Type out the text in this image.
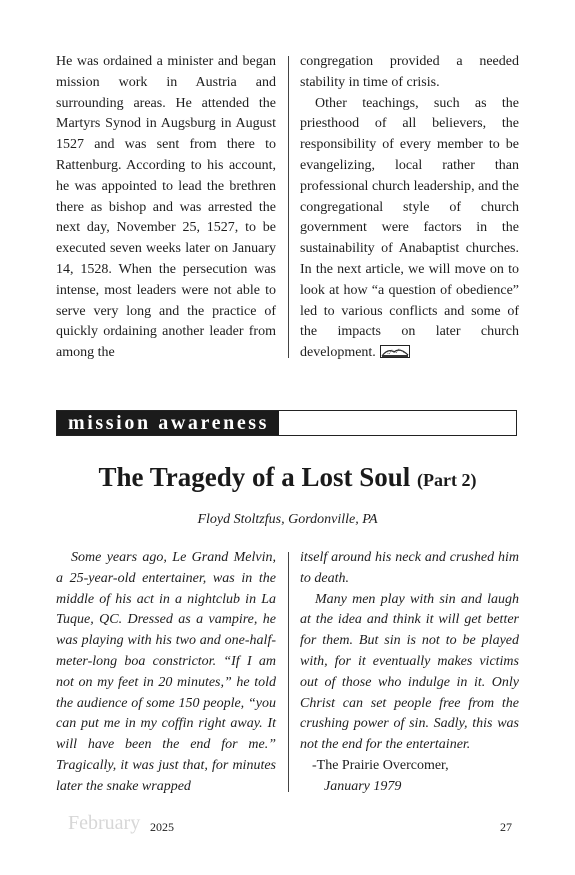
He was ordained a minister and began mission work in Austria and surrounding areas. He attended the Martyrs Synod in Augsburg in August 1527 and was sent from there to Rattenburg. According to his account, he was appointed to lead the brethren there as bishop and was arrested the next day, November 25, 1527, to be executed seven weeks later on January 14, 1528. When the persecution was intense, most leaders were not able to serve very long and the practice of quickly ordaining another leader from among the

congregation provided a needed stability in time of crisis.

Other teachings, such as the priesthood of all believers, the responsibility of every member to be evangelizing, local rather than professional church leadership, and the congregational style of church government were factors in the sustainability of Anabaptist churches. In the next article, we will move on to look at how “a question of obedience” led to various conflicts and some of the impacts on later church development.

mission awareness
The Tragedy of a Lost Soul (Part 2)
Floyd Stoltzfus, Gordonville, PA

Some years ago, Le Grand Melvin, a 25-year-old entertainer, was in the middle of his act in a nightclub in La Tuque, QC. Dressed as a vampire, he was playing with his two and one-half-meter-long boa constrictor. “If I am not on my feet in 20 minutes,” he told the audience of some 150 people, “you can put me in my coffin right away. It will have been the end for me.” Tragically, it was just that, for minutes later the snake wrapped

itself around his neck and crushed him to death.

Many men play with sin and laugh at the idea and think it will get better for them. But sin is not to be played with, for it eventually makes victims out of those who indulge in it. Only Christ can set people free from the crushing power of sin. Sadly, this was not the end for the entertainer.

-The Prairie Overcomer,

January 1979

February 2025	27
